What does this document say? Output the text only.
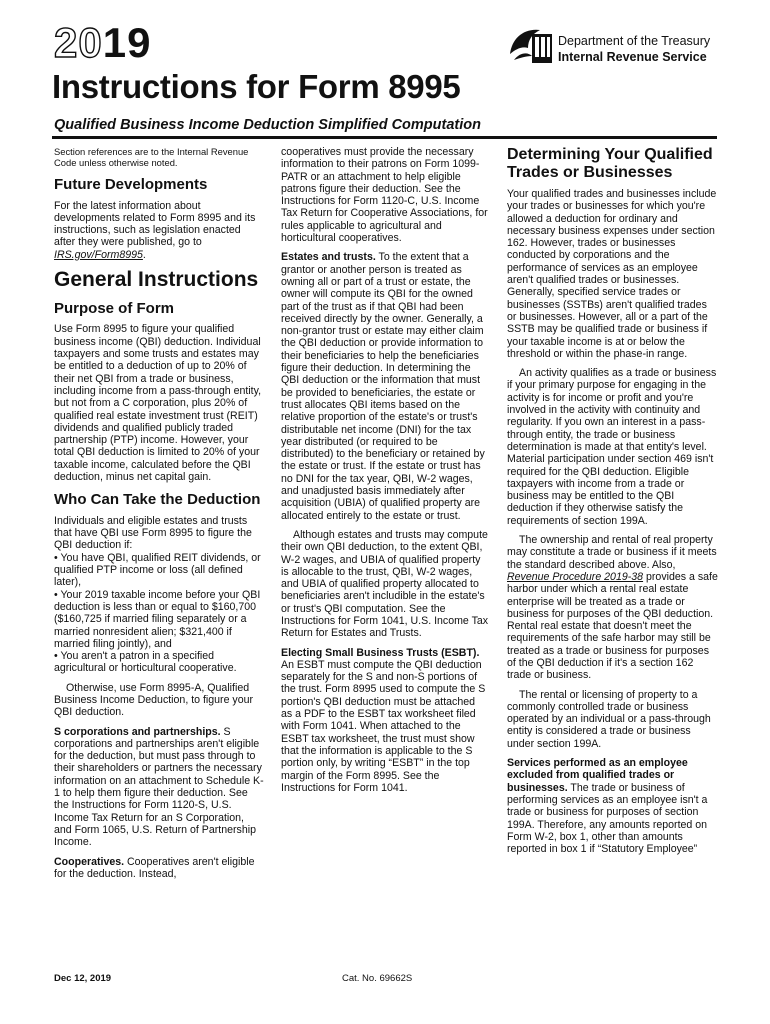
2019
Instructions for Form 8995
Qualified Business Income Deduction Simplified Computation
Department of the Treasury
Internal Revenue Service

Section references are to the Internal Revenue Code unless otherwise noted.

Future Developments

For the latest information about developments related to Form 8995 and its instructions, such as legislation enacted after they were published, go to IRS.gov/Form8995.

General Instructions
Purpose of Form

Use Form 8995 to figure your qualified business income (QBI) deduction. Individual taxpayers and some trusts and estates may be entitled to a deduction of up to 20% of their net QBI from a trade or business, including income from a pass-through entity, but not from a C corporation, plus 20% of qualified real estate investment trust (REIT) dividends and qualified publicly traded partnership (PTP) income. However, your total QBI deduction is limited to 20% of your taxable income, calculated before the QBI deduction, minus net capital gain.

Who Can Take the Deduction

Individuals and eligible estates and trusts that have QBI use Form 8995 to figure the QBI deduction if:

• You have QBI, qualified REIT dividends, or qualified PTP income or loss (all defined later),

• Your 2019 taxable income before your QBI deduction is less than or equal to $160,700 ($160,725 if married filing separately or a married nonresident alien; $321,400 if married filing jointly), and

• You aren't a patron in a specified agricultural or horticultural cooperative.

Otherwise, use Form 8995-A, Qualified Business Income Deduction, to figure your QBI deduction.

S corporations and partnerships. S corporations and partnerships aren't eligible for the deduction, but must pass through to their shareholders or partners the necessary information on an attachment to Schedule K-1 to help them figure their deduction. See the Instructions for Form 1120-S, U.S. Income Tax Return for an S Corporation, and Form 1065, U.S. Return of Partnership Income.

Cooperatives. Cooperatives aren't eligible for the deduction. Instead,

cooperatives must provide the necessary information to their patrons on Form 1099-PATR or an attachment to help eligible patrons figure their deduction. See the Instructions for Form 1120-C, U.S. Income Tax Return for Cooperative Associations, for rules applicable to agricultural and horticultural cooperatives.

Estates and trusts. To the extent that a grantor or another person is treated as owning all or part of a trust or estate, the owner will compute its QBI for the owned part of the trust as if that QBI had been received directly by the owner. Generally, a non-grantor trust or estate may either claim the QBI deduction or provide information to their beneficiaries to help the beneficiaries figure their deduction. In determining the QBI deduction or the information that must be provided to beneficiaries, the estate or trust allocates QBI items based on the relative proportion of the estate's or trust's distributable net income (DNI) for the tax year distributed (or required to be distributed) to the beneficiary or retained by the estate or trust. If the estate or trust has no DNI for the tax year, QBI, W-2 wages, and unadjusted basis immediately after acquisition (UBIA) of qualified property are allocated entirely to the estate or trust.

Although estates and trusts may compute their own QBI deduction, to the extent QBI, W-2 wages, and UBIA of qualified property is allocable to the trust, QBI, W-2 wages, and UBIA of qualified property allocated to beneficiaries aren't includible in the estate's or trust's QBI computation. See the Instructions for Form 1041, U.S. Income Tax Return for Estates and Trusts.

Electing Small Business Trusts (ESBT). An ESBT must compute the QBI deduction separately for the S and non-S portions of the trust. Form 8995 used to compute the S portion's QBI deduction must be attached as a PDF to the ESBT tax worksheet filed with Form 1041. When attached to the ESBT tax worksheet, the trust must show that the information is applicable to the S portion only, by writing “ESBT” in the top margin of the Form 8995. See the Instructions for Form 1041.

Determining Your Qualified Trades or Businesses

Your qualified trades and businesses include your trades or businesses for which you're allowed a deduction for ordinary and necessary business expenses under section 162. However, trades or businesses conducted by corporations and the performance of services as an employee aren't qualified trades or businesses. Generally, specified service trades or businesses (SSTBs) aren't qualified trades or businesses. However, all or a part of the SSTB may be qualified trade or business if your taxable income is at or below the threshold or within the phase-in range.

An activity qualifies as a trade or business if your primary purpose for engaging in the activity is for income or profit and you're involved in the activity with continuity and regularity. If you own an interest in a pass-through entity, the trade or business determination is made at that entity's level. Material participation under section 469 isn't required for the QBI deduction. Eligible taxpayers with income from a trade or business may be entitled to the QBI deduction if they otherwise satisfy the requirements of section 199A.

The ownership and rental of real property may constitute a trade or business if it meets the standard described above. Also, Revenue Procedure 2019-38 provides a safe harbor under which a rental real estate enterprise will be treated as a trade or business for purposes of the QBI deduction. Rental real estate that doesn't meet the requirements of the safe harbor may still be treated as a trade or business for purposes of the QBI deduction if it's a section 162 trade or business.

The rental or licensing of property to a commonly controlled trade or business operated by an individual or a pass-through entity is considered a trade or business under section 199A.

Services performed as an employee excluded from qualified trades or businesses. The trade or business of performing services as an employee isn't a trade or business for purposes of section 199A. Therefore, any amounts reported on Form W-2, box 1, other than amounts reported in box 1 if “Statutory Employee”

Dec 12, 2019	Cat. No. 69662S
